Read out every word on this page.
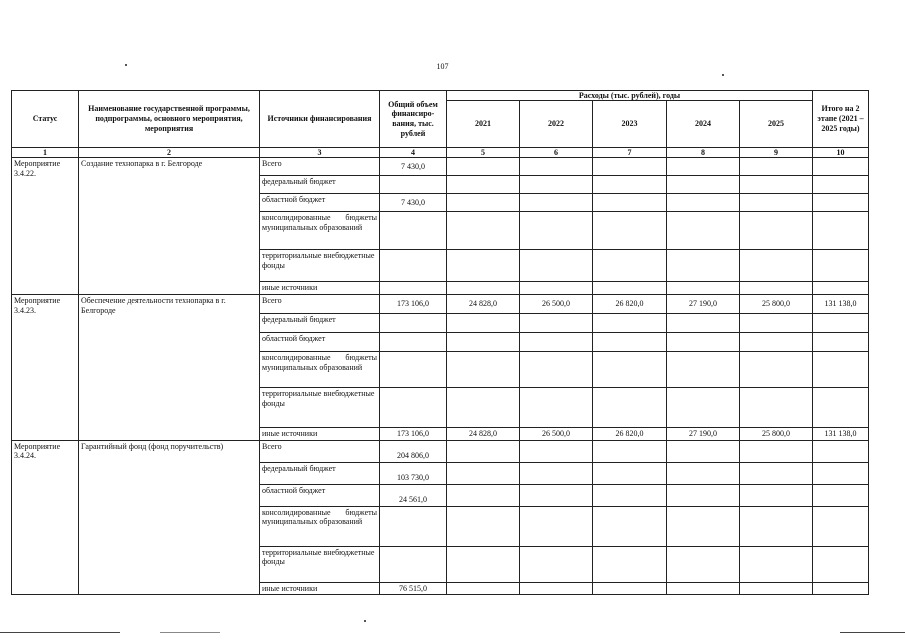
107
Статус	Наименование государственной программы, подпрограммы, основного мероприятия, мероприятия	Источники финансирования	Общий объем финансиро-вания, тыс. рублей	Расходы (тыс. рублей), годы					Итого на 2 этапе (2021 – 2025 годы)
				2021	2022	2023	2024	2025	
1	2	3	4	5	6	7	8	9	10
Мероприятие 3.4.22.	Создание технопарка в г. Белгороде	Всего	7 430,0						
		федеральный бюджет							
		областной бюджет	7 430,0						
		консолидированные бюджеты муниципальных образований							
		территориальные внебюджетные фонды							
		иные источники							
Мероприятие 3.4.23.	Обеспечение деятельности технопарка в г. Белгороде	Всего	173 106,0	24 828,0	26 500,0	26 820,0	27 190,0	25 800,0	131 138,0
		федеральный бюджет							
		областной бюджет							
		консолидированные бюджеты муниципальных образований							
		территориальные внебюджетные фонды							
		иные источники	173 106,0	24 828,0	26 500,0	26 820,0	27 190,0	25 800,0	131 138,0
Мероприятие 3.4.24.	Гарантийный фонд (фонд поручительств)	Всего	204 806,0						
		федеральный бюджет	103 730,0						
		областной бюджет	24 561,0						
		консолидированные бюджеты муниципальных образований							
		территориальные внебюджетные фонды							
		иные источники	76 515,0						
